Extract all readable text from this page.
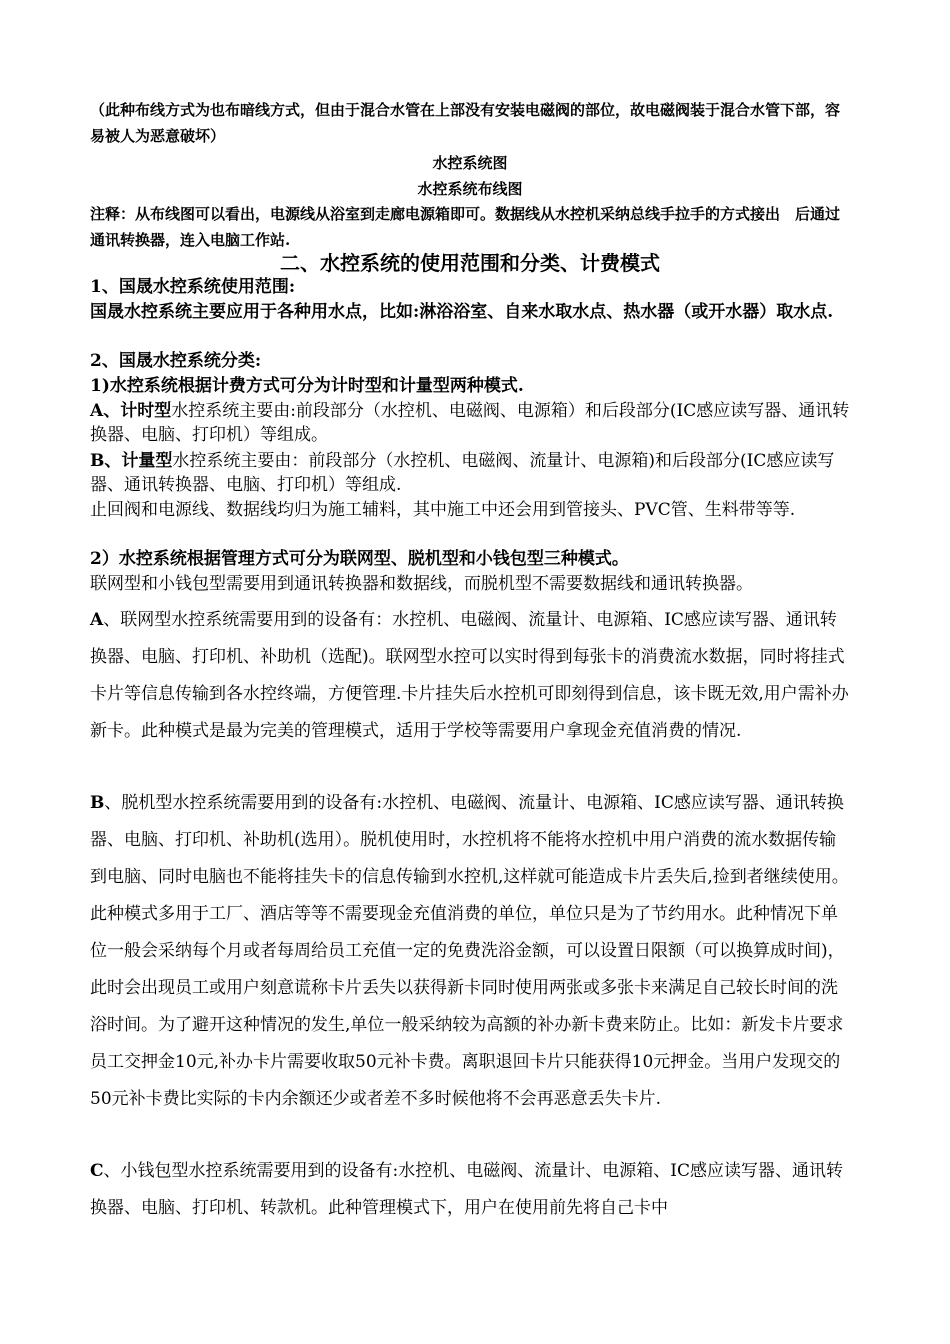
（此种布线方式为也布暗线方式，但由于混合水管在上部没有安装电磁阀的部位，故电磁阀装于混合水管下部，容易被人为恶意破坏）
水控系统图
水控系统布线图
注释：从布线图可以看出，电源线从浴室到走廊电源箱即可。数据线从水控机采纳总线手拉手的方式接出　后通过通讯转换器，连入电脑工作站.
二、水控系统的使用范围和分类、计费模式
1、国晟水控系统使用范围:
国晟水控系统主要应用于各种用水点，比如:淋浴浴室、自来水取水点、热水器（或开水器）取水点.
2、国晟水控系统分类:
1)水控系统根据计费方式可分为计时型和计量型两种模式.
A、计时型水控系统主要由:前段部分（水控机、电磁阀、电源箱）和后段部分(IC感应读写器、通讯转换器、电脑、打印机）等组成。
B、计量型水控系统主要由：前段部分（水控机、电磁阀、流量计、电源箱)和后段部分(IC感应读写器、通讯转换器、电脑、打印机）等组成.
止回阀和电源线、数据线均归为施工辅料，其中施工中还会用到管接头、PVC管、生料带等等.
2）水控系统根据管理方式可分为联网型、脱机型和小钱包型三种模式。
联网型和小钱包型需要用到通讯转换器和数据线，而脱机型不需要数据线和通讯转换器。
A、联网型水控系统需要用到的设备有：水控机、电磁阀、流量计、电源箱、IC感应读写器、通讯转换器、电脑、打印机、补助机（选配)。联网型水控可以实时得到每张卡的消费流水数据，同时将挂式卡片等信息传输到各水控终端，方便管理.卡片挂失后水控机可即刻得到信息，该卡既无效,用户需补办新卡。此种模式是最为完美的管理模式，适用于学校等需要用户拿现金充值消费的情况.
B、脱机型水控系统需要用到的设备有:水控机、电磁阀、流量计、电源箱、IC感应读写器、通讯转换器、电脑、打印机、补助机(选用）。脱机使用时，水控机将不能将水控机中用户消费的流水数据传输到电脑、同时电脑也不能将挂失卡的信息传输到水控机,这样就可能造成卡片丢失后,捡到者继续使用。此种模式多用于工厂、酒店等等不需要现金充值消费的单位，单位只是为了节约用水。此种情况下单位一般会采纳每个月或者每周给员工充值一定的免费洗浴金额，可以设置日限额（可以换算成时间)，此时会出现员工或用户刻意谎称卡片丢失以获得新卡同时使用两张或多张卡来满足自己较长时间的洗浴时间。为了避开这种情况的发生,单位一般采纳较为高额的补办新卡费来防止。比如：新发卡片要求员工交押金10元,补办卡片需要收取50元补卡费。离职退回卡片只能获得10元押金。当用户发现交的50元补卡费比实际的卡内余额还少或者差不多时候他将不会再恶意丢失卡片.
C、小钱包型水控系统需要用到的设备有:水控机、电磁阀、流量计、电源箱、IC感应读写器、通讯转换器、电脑、打印机、转款机。此种管理模式下，用户在使用前先将自己卡中
